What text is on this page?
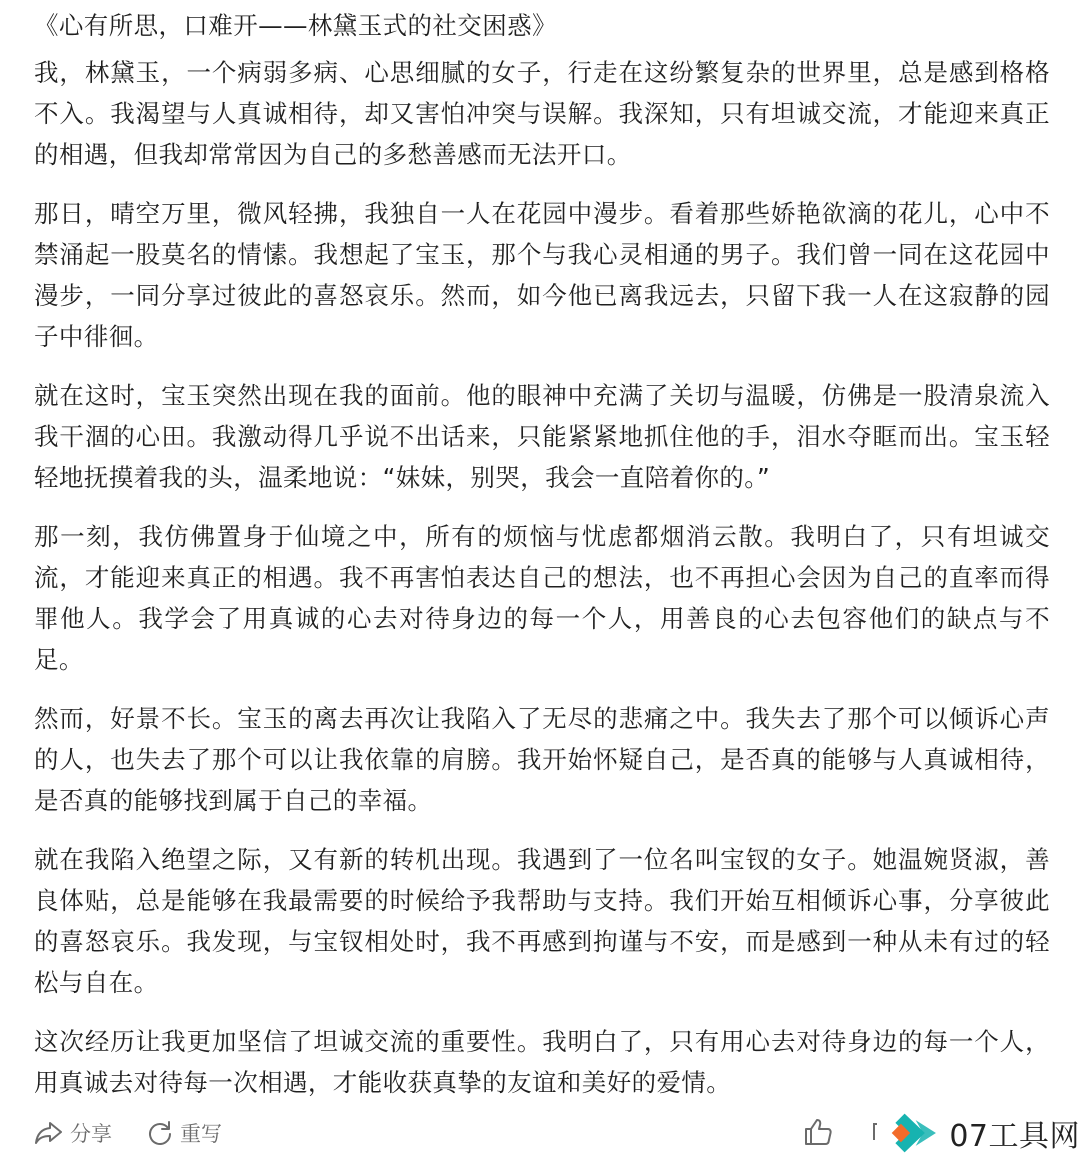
《心有所思，口难开——林黛玉式的社交困惑》

我，林黛玉，一个病弱多病、心思细腻的女子，行走在这纷繁复杂的世界里，总是感到格格不入。我渴望与人真诚相待，却又害怕冲突与误解。我深知，只有坦诚交流，才能迎来真正的相遇，但我却常常因为自己的多愁善感而无法开口。

那日，晴空万里，微风轻拂，我独自一人在花园中漫步。看着那些娇艳欲滴的花儿，心中不禁涌起一股莫名的情愫。我想起了宝玉，那个与我心灵相通的男子。我们曾一同在这花园中漫步，一同分享过彼此的喜怒哀乐。然而，如今他已离我远去，只留下我一人在这寂静的园子中徘徊。

就在这时，宝玉突然出现在我的面前。他的眼神中充满了关切与温暖，仿佛是一股清泉流入我干涸的心田。我激动得几乎说不出话来，只能紧紧地抓住他的手，泪水夺眶而出。宝玉轻轻地抚摸着我的头，温柔地说：“妹妹，别哭，我会一直陪着你的。”

那一刻，我仿佛置身于仙境之中，所有的烦恼与忧虑都烟消云散。我明白了，只有坦诚交流，才能迎来真正的相遇。我不再害怕表达自己的想法，也不再担心会因为自己的直率而得罪他人。我学会了用真诚的心去对待身边的每一个人，用善良的心去包容他们的缺点与不足。

然而，好景不长。宝玉的离去再次让我陷入了无尽的悲痛之中。我失去了那个可以倾诉心声的人，也失去了那个可以让我依靠的肩膀。我开始怀疑自己，是否真的能够与人真诚相待，是否真的能够找到属于自己的幸福。

就在我陷入绝望之际，又有新的转机出现。我遇到了一位名叫宝钗的女子。她温婉贤淑，善良体贴，总是能够在我最需要的时候给予我帮助与支持。我们开始互相倾诉心事，分享彼此的喜怒哀乐。我发现，与宝钗相处时，我不再感到拘谨与不安，而是感到一种从未有过的轻松与自在。

这次经历让我更加坚信了坦诚交流的重要性。我明白了，只有用心去对待身边的每一个人，用真诚去对待每一次相遇，才能收获真挚的友谊和美好的爱情。

分享	重写	07工具网
